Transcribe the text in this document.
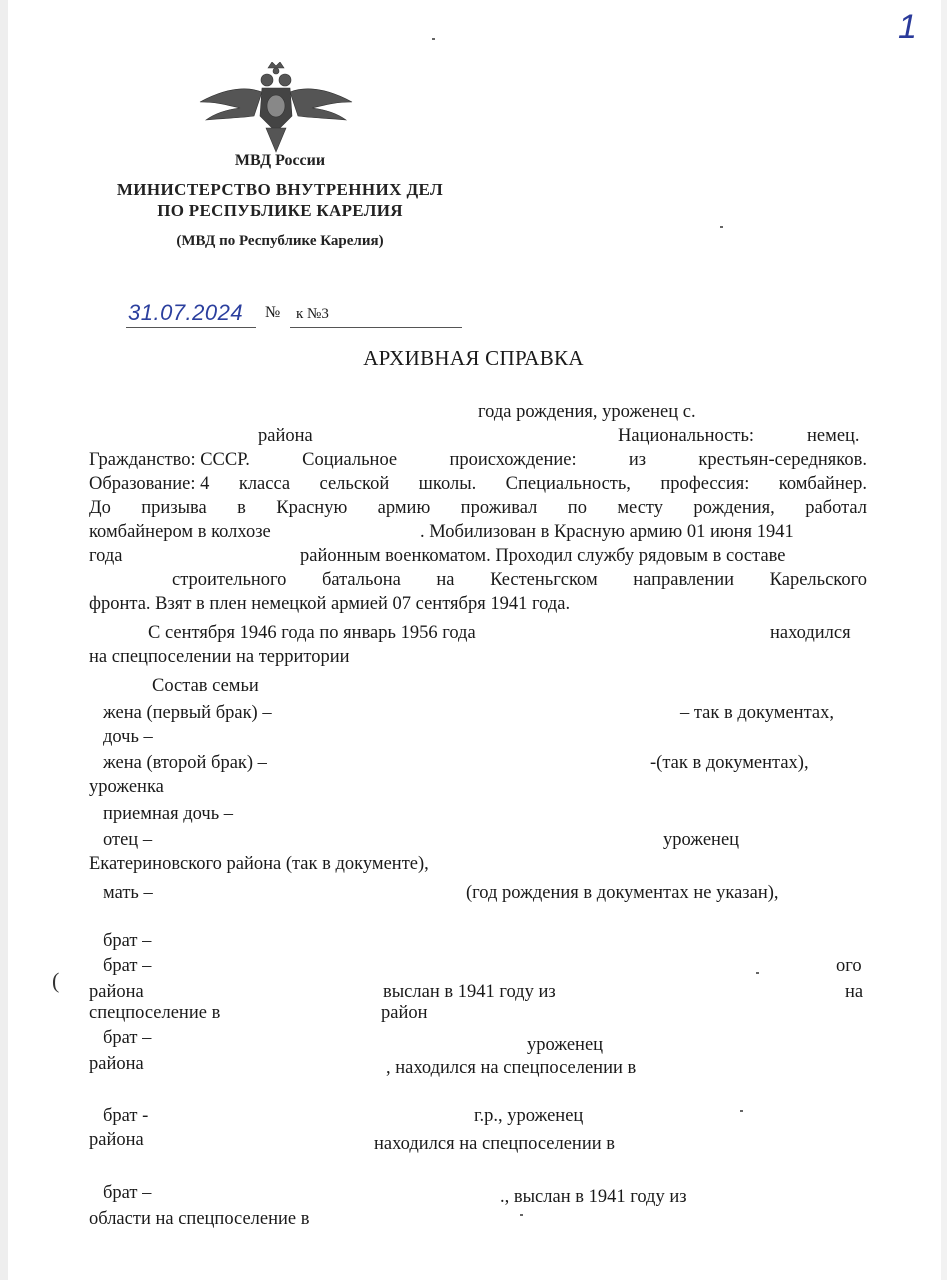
1
МВД России
МИНИСТЕРСТВО ВНУТРЕННИХ ДЕЛ
ПО РЕСПУБЛИКЕ КАРЕЛИЯ
(МВД по Республике Карелия)
31.07.2024 № к №3
АРХИВНАЯ СПРАВКА
года рождения, уроженец с.
района	Национальность:	немец.
Гражданство: СССР.	Социальное	происхождение:	из	крестьян-середняков.
Образование: 4 класса сельской школы. Специальность, профессия: комбайнер.
До призыва в Красную армию проживал по месту рождения, работал
комбайнером в колхозе	. Мобилизован в Красную армию 01 июня 1941
года	районным военкоматом. Проходил службу рядовым в составе
строительного батальона на Кестеньгском направлении Карельского
фронта. Взят в плен немецкой армией 07 сентября 1941 года.
С сентября 1946 года по январь 1956 года	находился
на спецпоселении на территории
Состав семьи
жена (первый брак) –	– так в документах,
дочь –
жена (второй брак) –	-(так в документах),
уроженка
приемная дочь –
отец –	уроженец
Екатериновского района (так в документе),
мать –	(год рождения в документах не указан),
брат –
брат –	ого
района	выслан в 1941 году из	на
спецпоселение в	район
брат –	уроженец
района	, находился на спецпоселении в
брат -	г.р., уроженец
района	находился на спецпоселении в
брат –	., выслан в 1941 году из
области на спецпоселение в
(
